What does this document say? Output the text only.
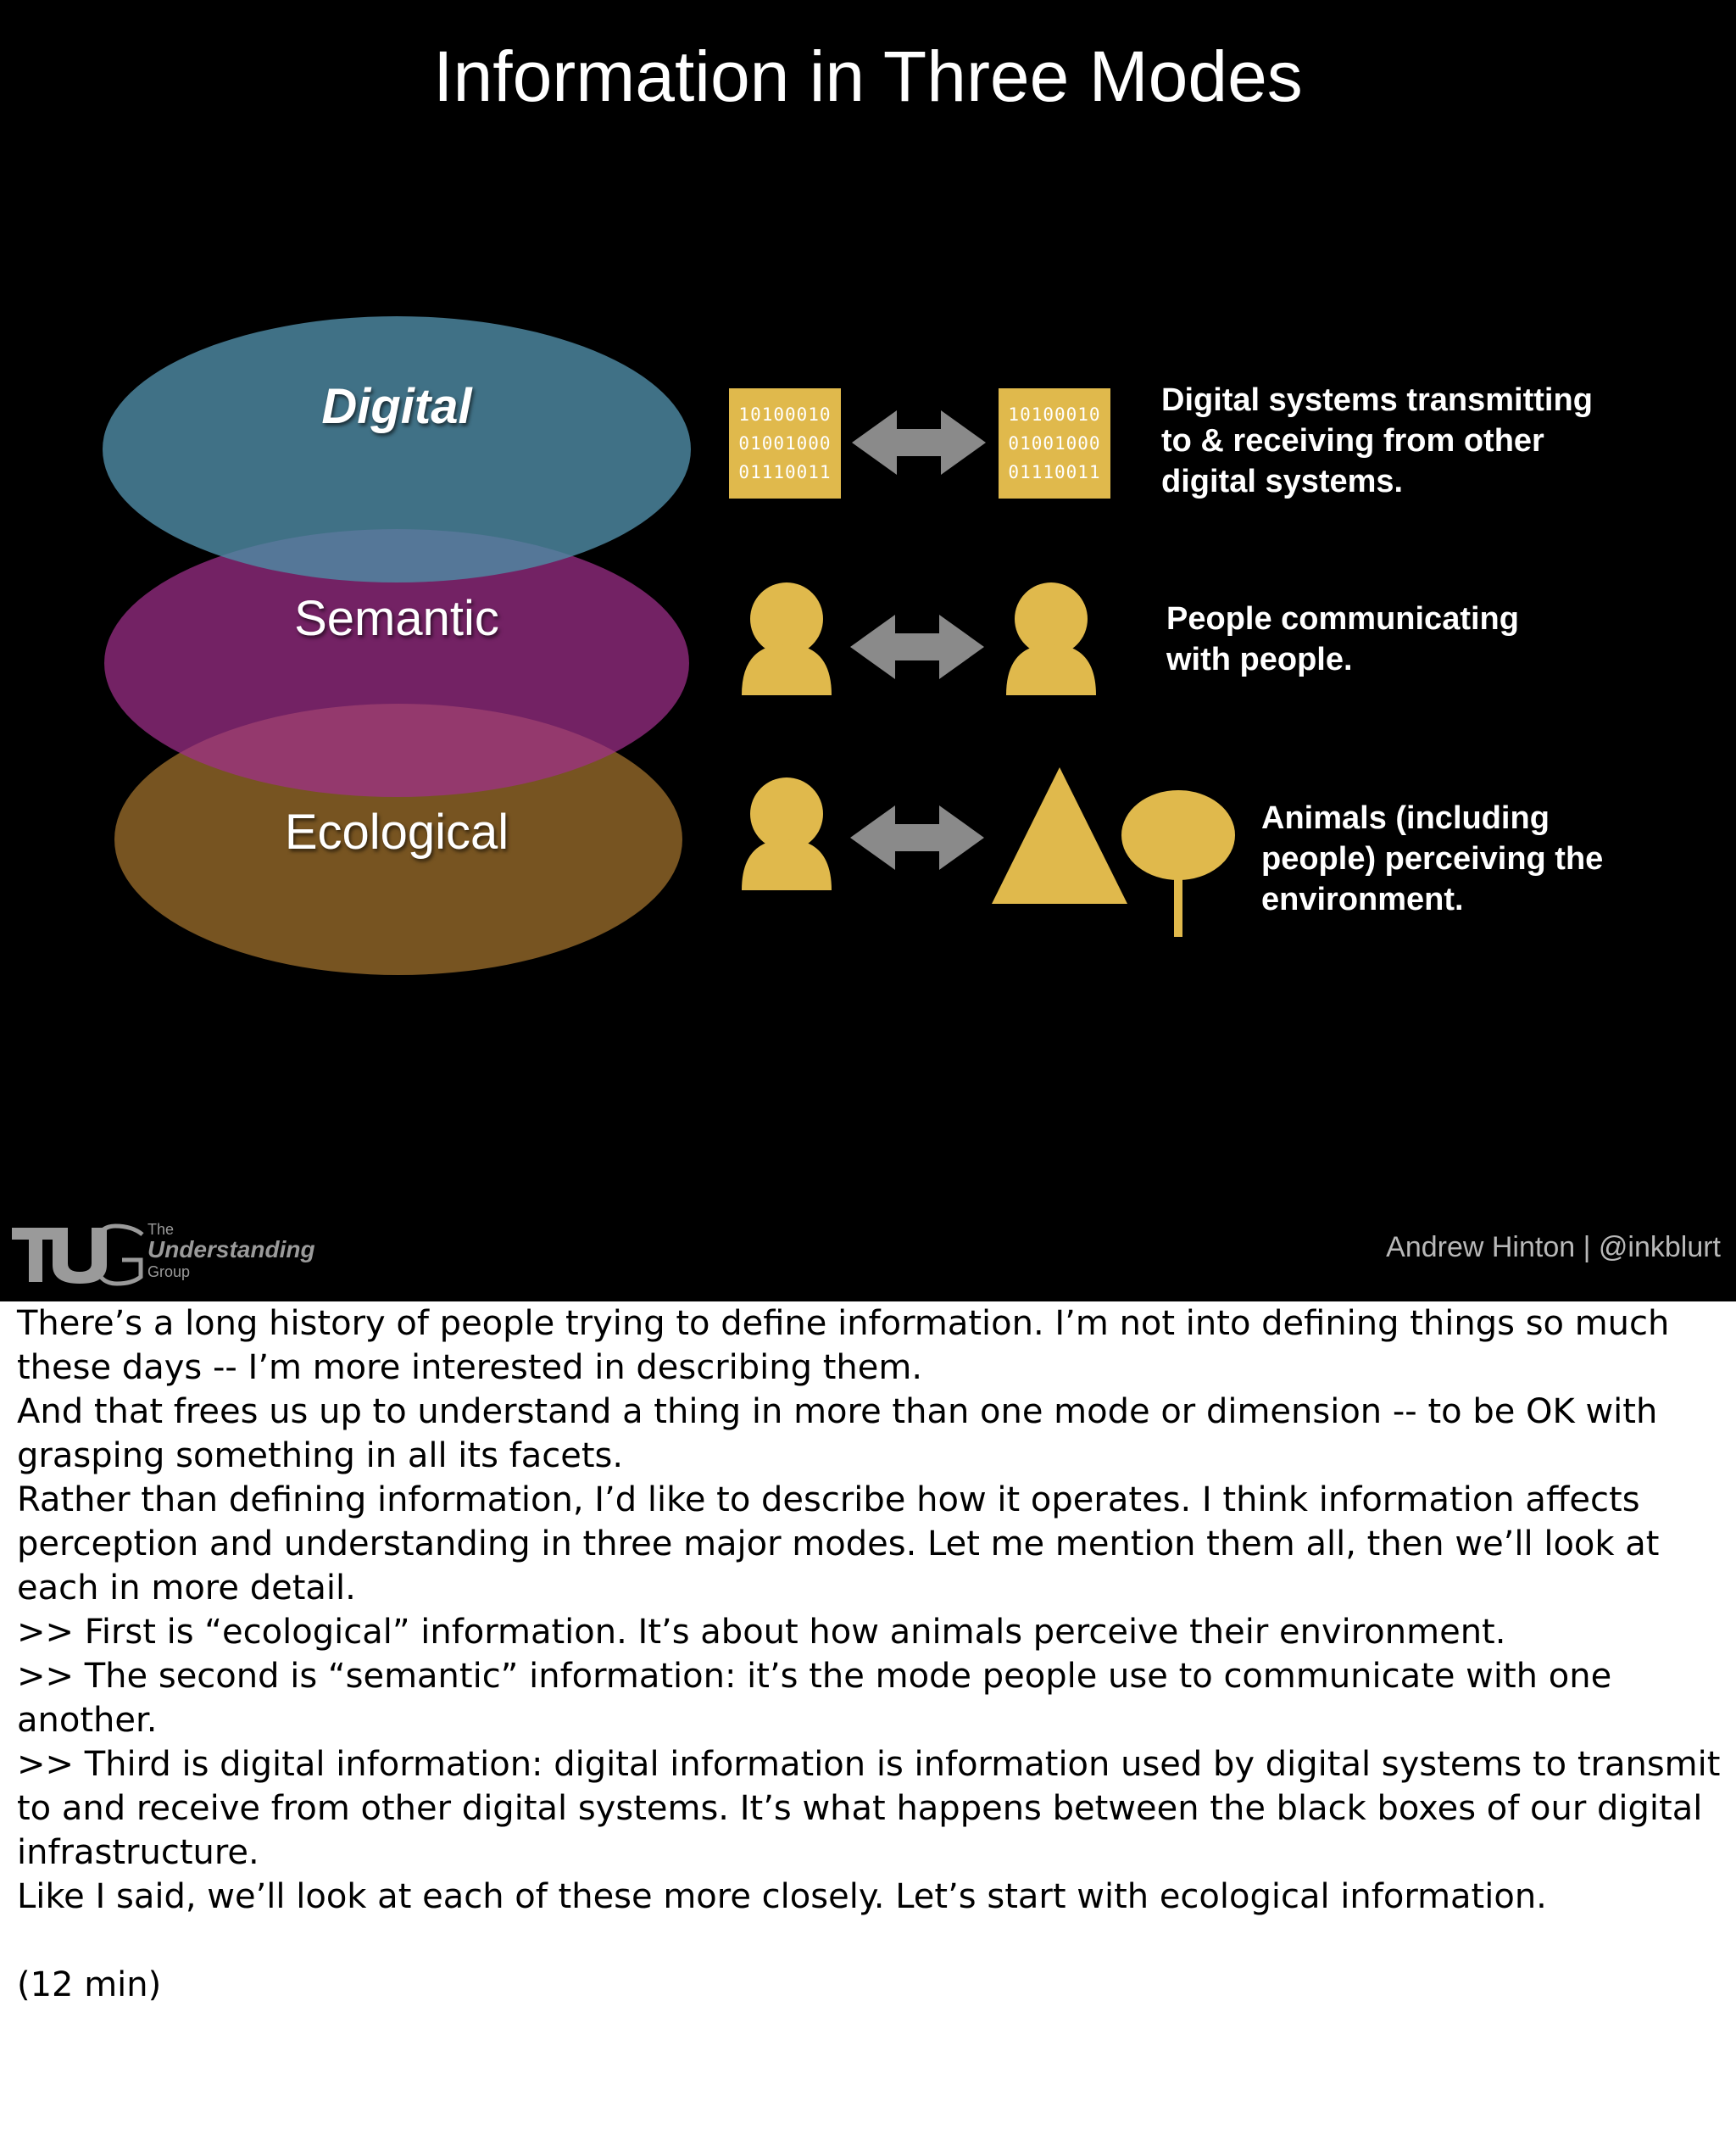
Information in Three Modes
Digital
Semantic
Ecological
10100010
01001000
01110011
10100010
01001000
01110011
Digital systems transmitting
to & receiving from other
digital systems.
People communicating
with people.
Animals (including
people) perceiving the
environment.
The
Understanding
Group
Andrew Hinton | @inkblurt

There’s a long history of people trying to define information. I’m not into defining things so much these days -- I’m more interested in describing them.

And that frees us up to understand a thing in more than one mode or dimension -- to be OK with grasping something in all its facets.

Rather than defining information, I’d like to describe how it operates. I think information affects perception and understanding in three major modes. Let me mention them all, then we’ll look at each in more detail.

>> First is “ecological” information. It’s about how animals perceive their environment.

>> The second is “semantic” information: it’s the mode people use to communicate with one another.

>> Third is digital information: digital information is information used by digital systems to transmit to and receive from other digital systems. It’s what happens between the black boxes of our digital infrastructure.

Like I said, we’ll look at each of these more closely. Let’s start with ecological information.

(12 min)
